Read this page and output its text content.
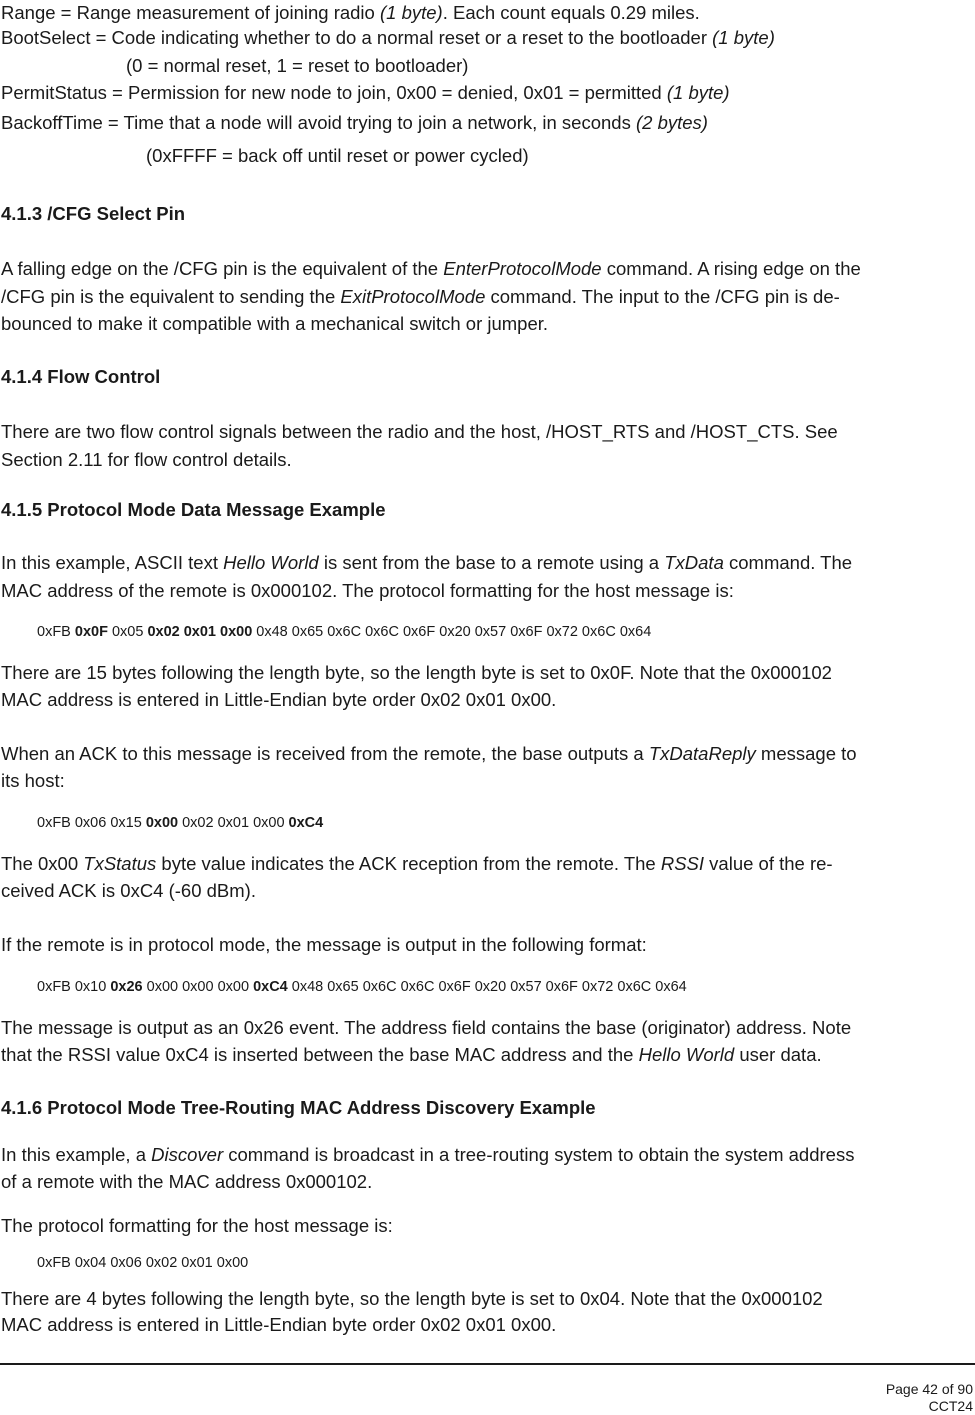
Range = Range measurement of joining radio (1 byte). Each count equals 0.29 miles.
BootSelect = Code indicating whether to do a normal reset or a reset to the bootloader (1 byte)
(0 = normal reset, 1 = reset to bootloader)
PermitStatus = Permission for new node to join, 0x00 = denied, 0x01 = permitted (1 byte)
BackoffTime = Time that a node will avoid trying to join a network, in seconds (2 bytes)
(0xFFFF = back off until reset or power cycled)
4.1.3 /CFG Select Pin
A falling edge on the /CFG pin is the equivalent of the EnterProtocolMode command. A rising edge on the
/CFG pin is the equivalent to sending the ExitProtocolMode command. The input to the /CFG pin is de-
bounced to make it compatible with a mechanical switch or jumper.
4.1.4 Flow Control
There are two flow control signals between the radio and the host, /HOST_RTS and /HOST_CTS. See
Section 2.11 for flow control details.
4.1.5 Protocol Mode Data Message Example
In this example, ASCII text Hello World is sent from the base to a remote using a TxData command. The
MAC address of the remote is 0x000102. The protocol formatting for the host message is:
0xFB 0x0F 0x05 0x02 0x01 0x00 0x48 0x65 0x6C 0x6C 0x6F 0x20 0x57 0x6F 0x72 0x6C 0x64
There are 15 bytes following the length byte, so the length byte is set to 0x0F. Note that the 0x000102
MAC address is entered in Little-Endian byte order 0x02 0x01 0x00.
When an ACK to this message is received from the remote, the base outputs a TxDataReply message to
its host:
0xFB 0x06 0x15 0x00 0x02 0x01 0x00 0xC4
The 0x00 TxStatus byte value indicates the ACK reception from the remote. The RSSI value of the re-
ceived ACK is 0xC4 (-60 dBm).
If the remote is in protocol mode, the message is output in the following format:
0xFB 0x10 0x26 0x00 0x00 0x00 0xC4 0x48 0x65 0x6C 0x6C 0x6F 0x20 0x57 0x6F 0x72 0x6C 0x64
The message is output as an 0x26 event. The address field contains the base (originator) address. Note
that the RSSI value 0xC4 is inserted between the base MAC address and the Hello World user data.
4.1.6 Protocol Mode Tree-Routing MAC Address Discovery Example
In this example, a Discover command is broadcast in a tree-routing system to obtain the system address
of a remote with the MAC address 0x000102.
The protocol formatting for the host message is:
0xFB 0x04 0x06 0x02 0x01 0x00
There are 4 bytes following the length byte, so the length byte is set to 0x04. Note that the 0x000102
MAC address is entered in Little-Endian byte order 0x02 0x01 0x00.
Page 42 of 90
CCT24
